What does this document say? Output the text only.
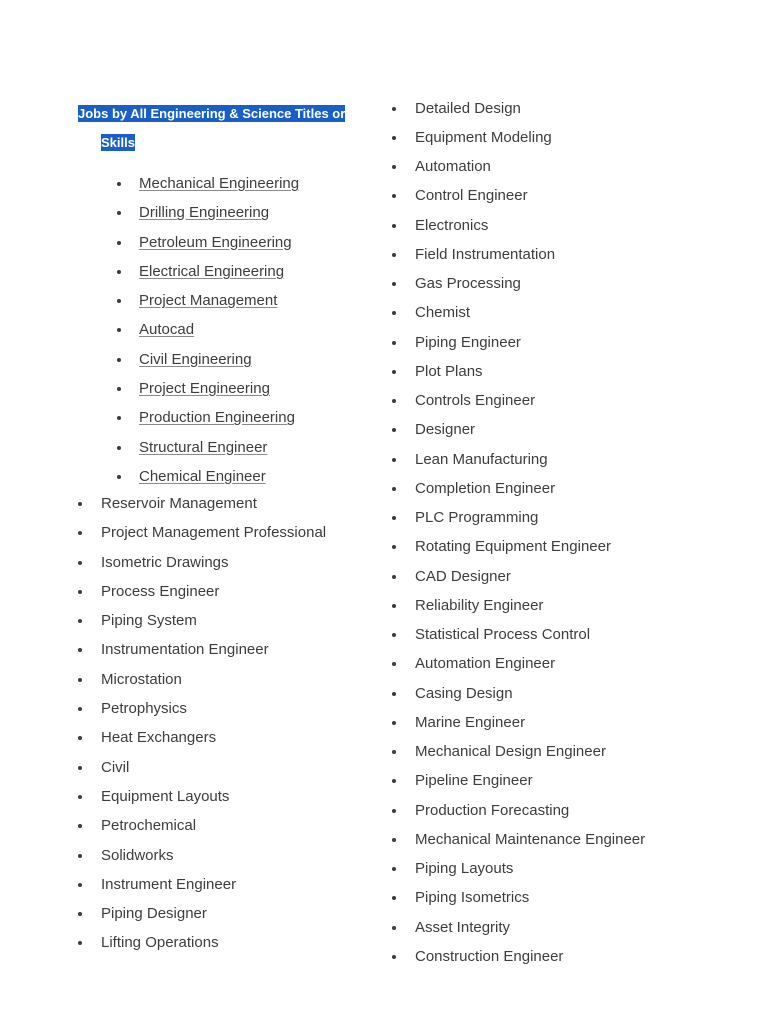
Jobs by All Engineering & Science Titles or
Skills

Mechanical Engineering
Drilling Engineering
Petroleum Engineering
Electrical Engineering
Project Management
Autocad
Civil Engineering
Project Engineering
Production Engineering
Structural Engineer
Chemical Engineer
Reservoir Management
Project Management Professional
Isometric Drawings
Process Engineer
Piping System
Instrumentation Engineer
Microstation
Petrophysics
Heat Exchangers
Civil
Equipment Layouts
Petrochemical
Solidworks
Instrument Engineer
Piping Designer
Lifting Operations
Detailed Design
Equipment Modeling
Automation
Control Engineer
Electronics
Field Instrumentation
Gas Processing
Chemist
Piping Engineer
Plot Plans
Controls Engineer
Designer
Lean Manufacturing
Completion Engineer
PLC Programming
Rotating Equipment Engineer
CAD Designer
Reliability Engineer
Statistical Process Control
Automation Engineer
Casing Design
Marine Engineer
Mechanical Design Engineer
Pipeline Engineer
Production Forecasting
Mechanical Maintenance Engineer
Piping Layouts
Piping Isometrics
Asset Integrity
Construction Engineer
